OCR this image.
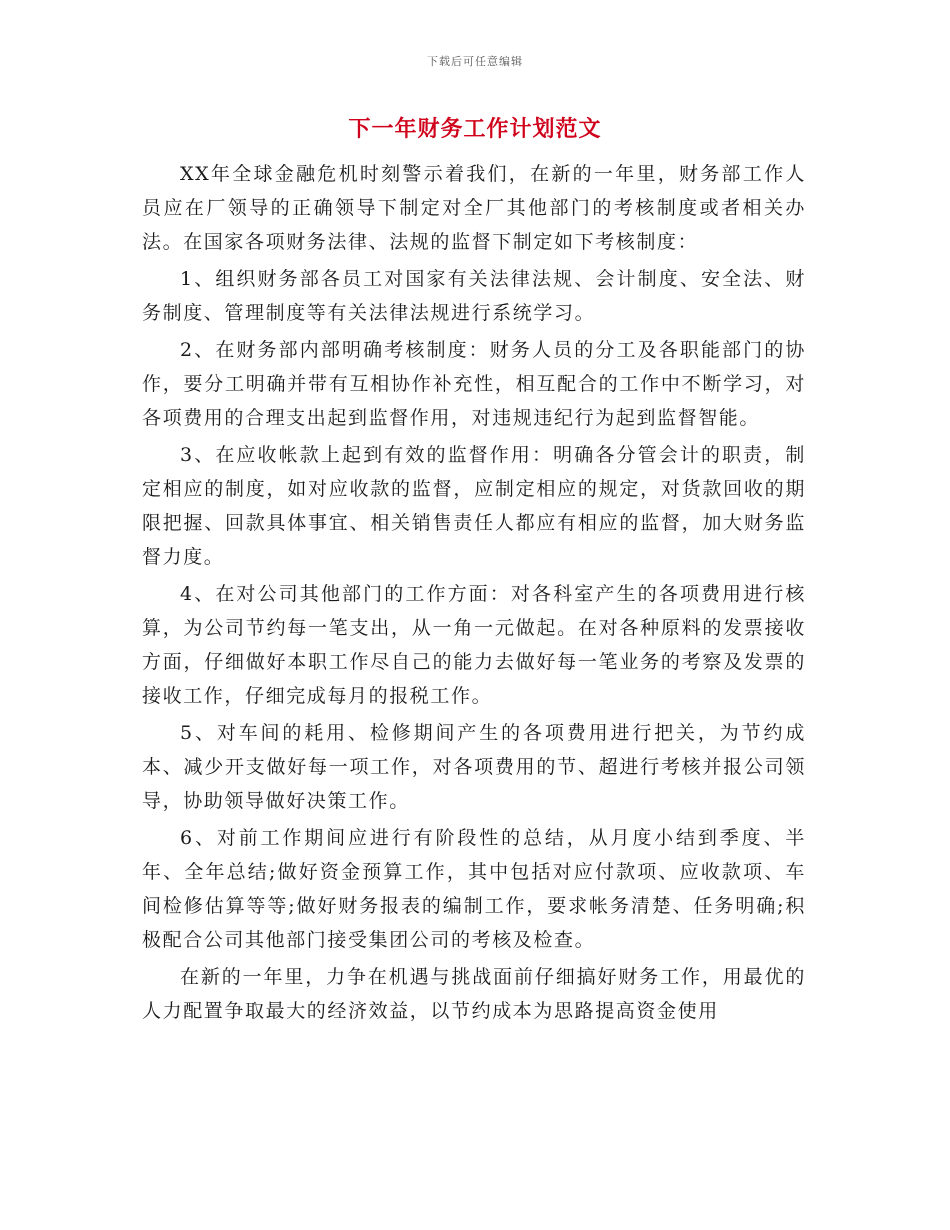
下载后可任意编辑
下一年财务工作计划范文

XX年全球金融危机时刻警示着我们，在新的一年里，财务部工作人员应在厂领导的正确领导下制定对全厂其他部门的考核制度或者相关办法。在国家各项财务法律、法规的监督下制定如下考核制度：

1、组织财务部各员工对国家有关法律法规、会计制度、安全法、财务制度、管理制度等有关法律法规进行系统学习。

2、在财务部内部明确考核制度：财务人员的分工及各职能部门的协作，要分工明确并带有互相协作补充性，相互配合的工作中不断学习，对各项费用的合理支出起到监督作用，对违规违纪行为起到监督智能。

3、在应收帐款上起到有效的监督作用：明确各分管会计的职责，制定相应的制度，如对应收款的监督，应制定相应的规定，对货款回收的期限把握、回款具体事宜、相关销售责任人都应有相应的监督，加大财务监督力度。

4、在对公司其他部门的工作方面：对各科室产生的各项费用进行核算，为公司节约每一笔支出，从一角一元做起。在对各种原料的发票接收方面，仔细做好本职工作尽自己的能力去做好每一笔业务的考察及发票的接收工作，仔细完成每月的报税工作。

5、对车间的耗用、检修期间产生的各项费用进行把关，为节约成本、减少开支做好每一项工作，对各项费用的节、超进行考核并报公司领导，协助领导做好决策工作。

6、对前工作期间应进行有阶段性的总结，从月度小结到季度、半年、全年总结;做好资金预算工作，其中包括对应付款项、应收款项、车间检修估算等等;做好财务报表的编制工作，要求帐务清楚、任务明确;积极配合公司其他部门接受集团公司的考核及检查。

在新的一年里，力争在机遇与挑战面前仔细搞好财务工作，用最优的人力配置争取最大的经济效益，以节约成本为思路提高资金使用
